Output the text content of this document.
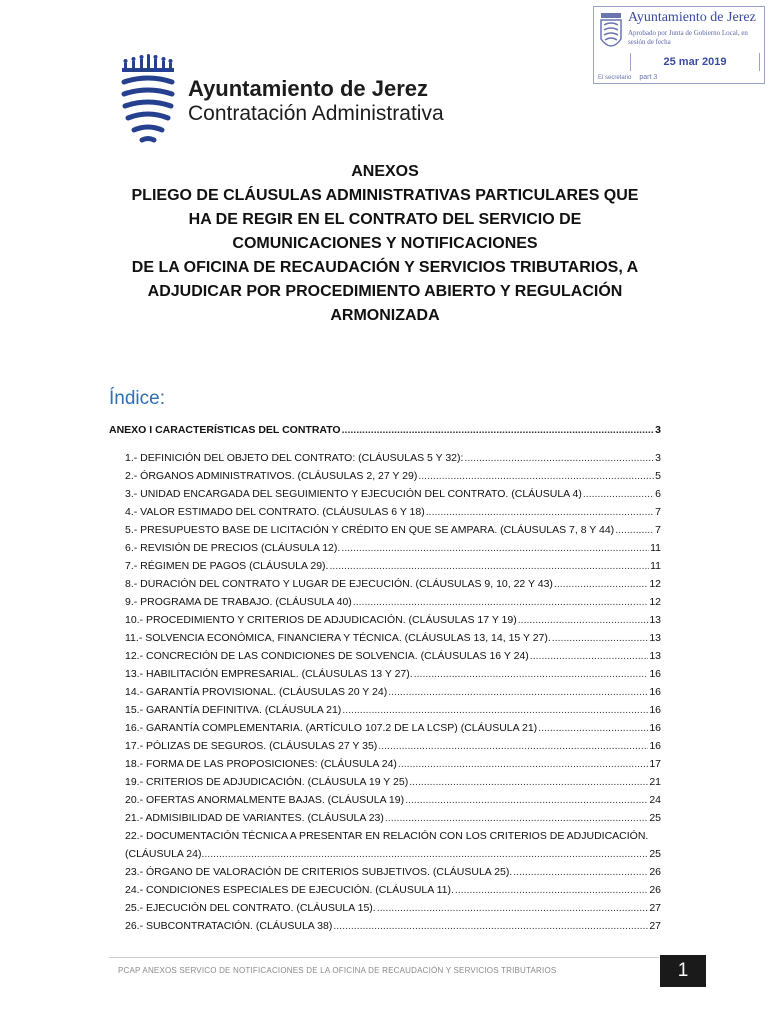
Ayuntamiento de Jerez
Aprobado por Junta de Gobierno Local, en sesión de fecha
25 mar 2019
El secretario part 3
Ayuntamiento de Jerez
Contratación Administrativa
ANEXOS
PLIEGO DE CLÁUSULAS ADMINISTRATIVAS PARTICULARES QUE
HA DE REGIR EN EL CONTRATO DEL SERVICIO DE
COMUNICACIONES Y NOTIFICACIONES
DE LA OFICINA DE RECAUDACIÓN Y SERVICIOS TRIBUTARIOS, A
ADJUDICAR POR PROCEDIMIENTO ABIERTO Y REGULACIÓN
ARMONIZADA
Índice:
ANEXO I CARACTERÍSTICAS DEL CONTRATO .....	3
1.- DEFINICIÓN DEL OBJETO DEL CONTRATO: (CLÁUSULAS 5 Y 32): .....	3
2.- ÓRGANOS ADMINISTRATIVOS. (CLÁUSULAS 2, 27 Y 29) .....	5
3.- UNIDAD ENCARGADA DEL SEGUIMIENTO Y EJECUCIÓN DEL CONTRATO. (CLÁUSULA 4) .....	6
4.- VALOR ESTIMADO DEL CONTRATO. (CLÁUSULAS 6 Y 18) .....	7
5.- PRESUPUESTO BASE DE LICITACIÓN Y CRÉDITO EN QUE SE AMPARA. (CLÁUSULAS 7, 8 Y 44) .....	7
6.- REVISIÓN DE PRECIOS (CLÁUSULA 12). .....	11
7.- RÉGIMEN DE PAGOS (CLÁUSULA 29). .....	11
8.- DURACIÓN DEL CONTRATO Y LUGAR DE EJECUCIÓN. (CLÁUSULAS 9, 10, 22 Y 43) .....	12
9.- PROGRAMA DE TRABAJO. (CLÁUSULA 40) .....	12
10.- PROCEDIMIENTO Y CRITERIOS DE ADJUDICACIÓN. (CLÁUSULAS 17 Y 19) .....	13
11.- SOLVENCIA ECONÓMICA, FINANCIERA Y TÉCNICA. (CLÁUSULAS 13, 14, 15 Y 27). .....	13
12.- CONCRECIÓN DE LAS CONDICIONES DE SOLVENCIA. (CLÁUSULAS 16 Y 24) .....	13
13.- HABILITACIÓN EMPRESARIAL. (CLÁUSULAS 13 Y 27). .....	16
14.- GARANTÍA PROVISIONAL. (CLÁUSULAS 20 Y 24) .....	16
15.- GARANTÍA DEFINITIVA. (CLÁUSULA 21) .....	16
16.- GARANTÍA COMPLEMENTARIA. (ARTÍCULO 107.2 DE LA LCSP) (CLÁUSULA 21) .....	16
17.- PÓLIZAS DE SEGUROS. (CLÁUSULAS 27 Y 35) .....	16
18.- FORMA DE LAS PROPOSICIONES: (CLÁUSULA 24) .....	17
19.- CRITERIOS DE ADJUDICACIÓN. (CLÁUSULA 19 Y 25) .....	21
20.- OFERTAS ANORMALMENTE BAJAS. (CLÁUSULA 19) .....	24
21.- ADMISIBILIDAD DE VARIANTES. (CLÁUSULA 23) .....	25
22.- DOCUMENTACIÓN TÉCNICA A PRESENTAR EN RELACIÓN CON LOS CRITERIOS DE ADJUDICACIÓN.
(CLÁUSULA 24). .....	25
23.- ÓRGANO DE VALORACIÓN DE CRITERIOS SUBJETIVOS. (CLÁUSULA 25). .....	26
24.- CONDICIONES ESPECIALES DE EJECUCIÓN. (CLÁUSULA 11). .....	26
25.- EJECUCIÓN DEL CONTRATO. (CLÁUSULA 15). .....	27
26.- SUBCONTRATACIÓN. (CLÁUSULA 38) .....	27
PCAP ANEXOS SERVICO DE NOTIFICACIONES DE LA OFICINA DE RECAUDACIÓN Y SERVICIOS TRIBUTARIOS	1
